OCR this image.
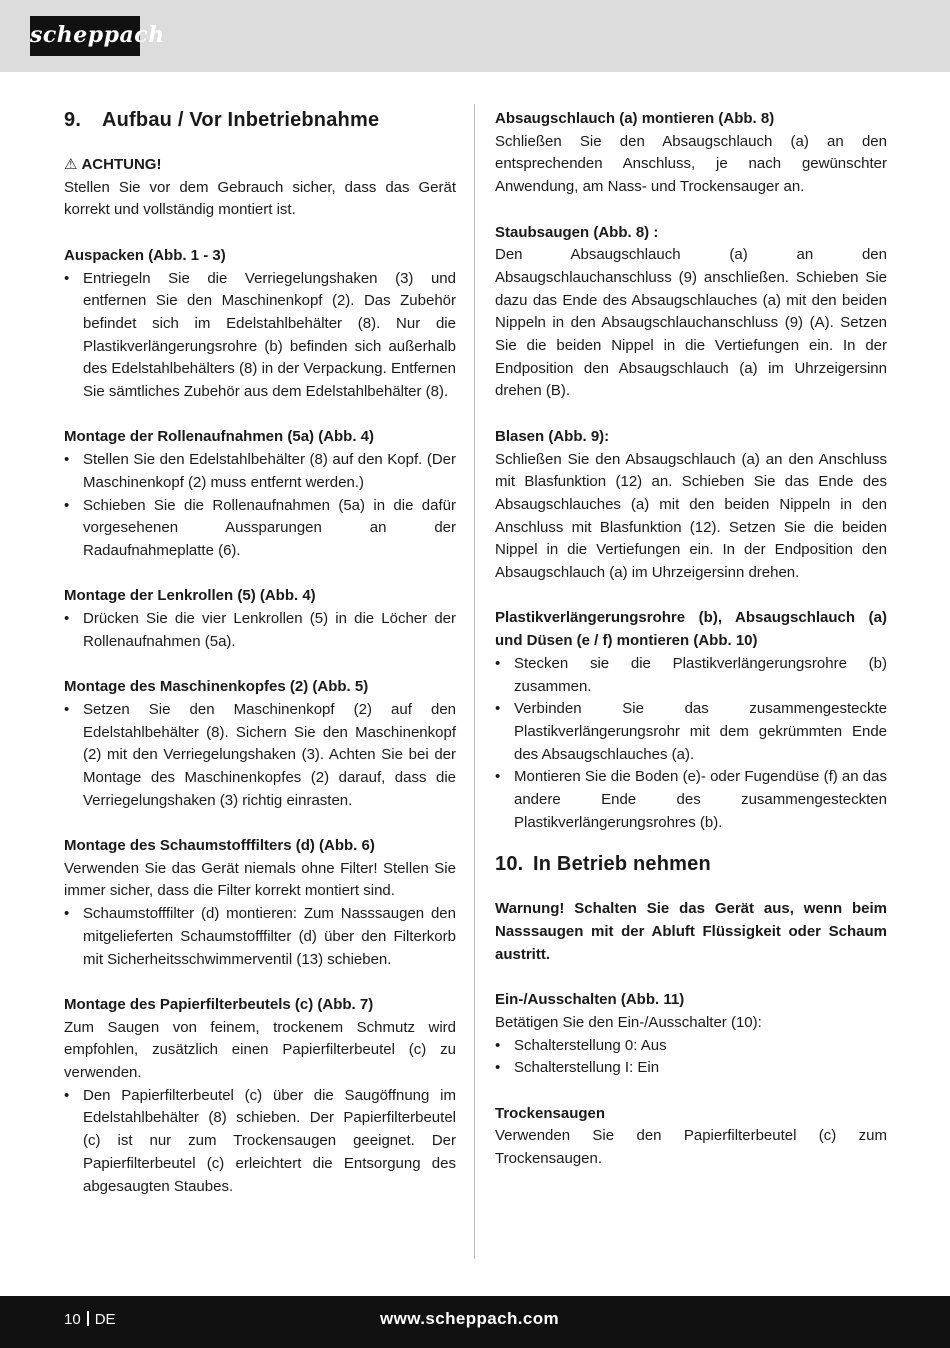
scheppach
9. Aufbau / Vor Inbetriebnahme

⚠ ACHTUNG!

Stellen Sie vor dem Gebrauch sicher, dass das Gerät korrekt und vollständig montiert ist.

Auspacken (Abb. 1 - 3)

• Entriegeln Sie die Verriegelungshaken (3) und entfernen Sie den Maschinenkopf (2). Das Zubehör befindet sich im Edelstahlbehälter (8). Nur die Plastikverlängerungsrohre (b) befinden sich außerhalb des Edelstahlbehälters (8) in der Verpackung. Entfernen Sie sämtliches Zubehör aus dem Edelstahlbehälter (8).

Montage der Rollenaufnahmen (5a) (Abb. 4)

• Stellen Sie den Edelstahlbehälter (8) auf den Kopf. (Der Maschinenkopf (2) muss entfernt werden.)
• Schieben Sie die Rollenaufnahmen (5a) in die dafür vorgesehenen Aussparungen an der Radaufnahmeplatte (6).

Montage der Lenkrollen (5) (Abb. 4)

• Drücken Sie die vier Lenkrollen (5) in die Löcher der Rollenaufnahmen (5a).

Montage des Maschinenkopfes (2) (Abb. 5)

• Setzen Sie den Maschinenkopf (2) auf den Edelstahlbehälter (8). Sichern Sie den Maschinenkopf (2) mit den Verriegelungshaken (3). Achten Sie bei der Montage des Maschinenkopfes (2) darauf, dass die Verriegelungshaken (3) richtig einrasten.

Montage des Schaumstofffilters (d) (Abb. 6)

Verwenden Sie das Gerät niemals ohne Filter! Stellen Sie immer sicher, dass die Filter korrekt montiert sind.

• Schaumstofffilter (d) montieren: Zum Nasssaugen den mitgelieferten Schaumstofffilter (d) über den Filterkorb mit Sicherheitsschwimmerventil (13) schieben.

Montage des Papierfilterbeutels (c) (Abb. 7)

Zum Saugen von feinem, trockenem Schmutz wird empfohlen, zusätzlich einen Papierfilterbeutel (c) zu verwenden.

• Den Papierfilterbeutel (c) über die Saugöffnung im Edelstahlbehälter (8) schieben. Der Papierfilterbeutel (c) ist nur zum Trockensaugen geeignet. Der Papierfilterbeutel (c) erleichtert die Entsorgung des abgesaugten Staubes.

Absaugschlauch (a) montieren (Abb. 8)

Schließen Sie den Absaugschlauch (a) an den entsprechenden Anschluss, je nach gewünschter Anwendung, am Nass- und Trockensauger an.

Staubsaugen (Abb. 8) :

Den Absaugschlauch (a) an den Absaugschlauchanschluss (9) anschließen. Schieben Sie dazu das Ende des Absaugschlauches (a) mit den beiden Nippeln in den Absaugschlauchanschluss (9) (A). Setzen Sie die beiden Nippel in die Vertiefungen ein. In der Endposition den Absaugschlauch (a) im Uhrzeigersinn drehen (B).

Blasen (Abb. 9):

Schließen Sie den Absaugschlauch (a) an den Anschluss mit Blasfunktion (12) an. Schieben Sie das Ende des Absaugschlauches (a) mit den beiden Nippeln in den Anschluss mit Blasfunktion (12). Setzen Sie die beiden Nippel in die Vertiefungen ein. In der Endposition den Absaugschlauch (a) im Uhrzeigersinn drehen.

Plastikverlängerungsrohre (b), Absaugschlauch (a) und Düsen (e / f) montieren (Abb. 10)

• Stecken sie die Plastikverlängerungsrohre (b) zusammen.
• Verbinden Sie das zusammengesteckte Plastikverlängerungsrohr mit dem gekrümmten Ende des Absaugschlauches (a).
• Montieren Sie die Boden (e)- oder Fugendüse (f) an das andere Ende des zusammengesteckten Plastikverlängerungsrohres (b).
10. In Betrieb nehmen

Warnung! Schalten Sie das Gerät aus, wenn beim Nasssaugen mit der Abluft Flüssigkeit oder Schaum austritt.

Ein-/Ausschalten (Abb. 11)

Betätigen Sie den Ein-/Ausschalter (10):

• Schalterstellung 0: Aus
• Schalterstellung I: Ein

Trockensaugen

Verwenden Sie den Papierfilterbeutel (c) zum Trockensaugen.

10 DE	www.scheppach.com
